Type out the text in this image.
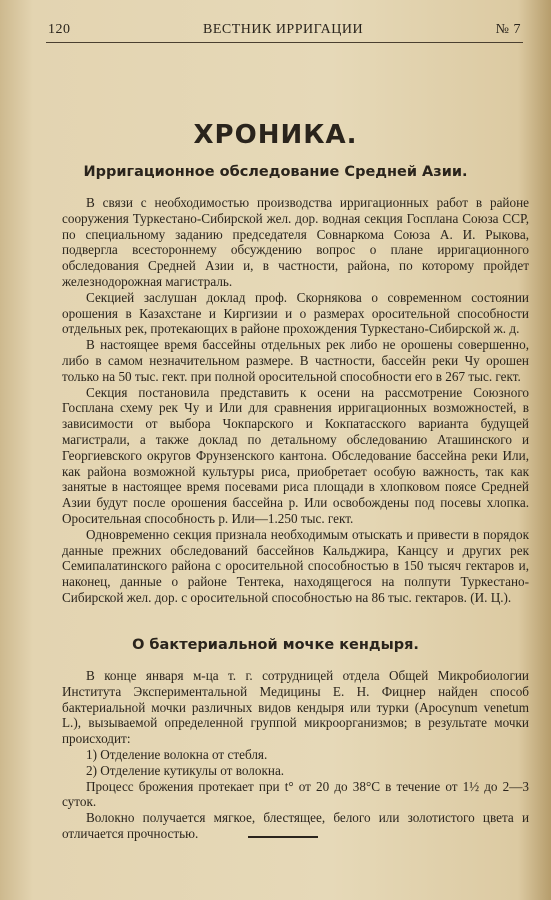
120	ВЕСТНИК ИРРИГАЦИИ	№ 7
ХРОНИКА.
Ирригационное обследование Средней Азии.

В связи с необходимостью производства ирригационных работ в районе сооружения Туркестано-Сибирской жел. дор. водная секция Госплана Союза ССР, по специальному заданию председателя Совнаркома Союза А. И. Рыкова, подвергла всестороннему обсуждению вопрос о плане ирригационного обследования Средней Азии и, в частности, района, по которому пройдет железнодорожная магистраль.

Секцией заслушан доклад проф. Скорнякова о современном состоянии орошения в Казахстане и Киргизии и о размерах оросительной способности отдельных рек, протекающих в районе прохождения Туркестано-Сибирской ж. д.

В настоящее время бассейны отдельных рек либо не орошены совершенно, либо в самом незначительном размере. В частности, бассейн реки Чу орошен только на 50 тыс. гект. при полной оросительной способности его в 267 тыс. гект.

Секция постановила представить к осени на рассмотрение Союзного Госплана схему рек Чу и Или для сравнения ирригационных возможностей, в зависимости от выбора Чокпарского и Кокпатасского варианта будущей магистрали, а также доклад по детальному обследованию Аташинского и Георгиевского округов Фрунзенского кантона. Обследование бассейна реки Или, как района возможной культуры риса, приобретает особую важность, так как занятые в настоящее время посевами риса площади в хлопковом поясе Средней Азии будут после орошения бассейна р. Или освобождены под посевы хлопка. Оросительная способность р. Или—1.250 тыс. гект.

Одновременно секция признала необходимым отыскать и привести в порядок данные прежних обследований бассейнов Кальджира, Канцсу и других рек Семипалатинского района с оросительной способностью в 150 тысяч гектаров и, наконец, данные о районе Тентека, находящегося на полпути Туркестано-Сибирской жел. дор. с оросительной способностью на 86 тыс. гектаров. (И. Ц.).

О бактериальной мочке кендыря.

В конце января м-ца т. г. сотрудницей отдела Общей Микробиологии Института Экспериментальной Медицины Е. Н. Фицнер найден способ бактериальной мочки различных видов кендыря или турки (Apocynum venetum L.), вызываемой определенной группой микроорганизмов; в результате мочки происходит:

1) Отделение волокна от стебля.

2) Отделение кутикулы от волокна.

Процесс брожения протекает при t° от 20 до 38°C в течение от 1½ до 2—3 суток.

Волокно получается мягкое, блестящее, белого или золотистого цвета и отличается прочностью.
